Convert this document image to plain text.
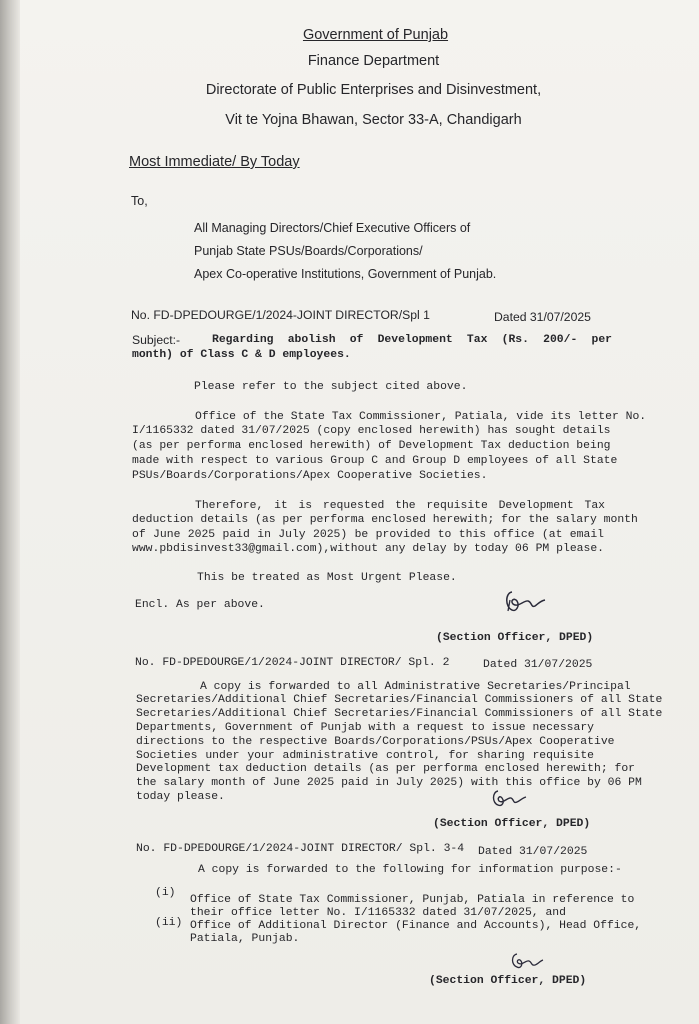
Government of Punjab
Finance Department
Directorate of Public Enterprises and Disinvestment,
Vit te Yojna Bhawan, Sector 33-A, Chandigarh
Most Immediate/ By Today
To,
All Managing Directors/Chief Executive Officers of
Punjab State PSUs/Boards/Corporations/
Apex Co-operative Institutions, Government of Punjab.
No. FD-DPEDOURGE/1/2024-JOINT DIRECTOR/Spl 1	Dated 31/07/2025
Subject:-	Regarding abolish of Development Tax (Rs. 200/- per
month) of Class C & D employees.
Please refer to the subject cited above.
Office of the State Tax Commissioner, Patiala, vide its letter No.
I/1165332 dated 31/07/2025 (copy enclosed herewith) has sought details
(as per performa enclosed herewith) of Development Tax deduction being
made with respect to various Group C and Group D employees of all State
PSUs/Boards/Corporations/Apex Cooperative Societies.
Therefore, it is requested the requisite Development Tax
deduction details (as per performa enclosed herewith; for the salary month
of June 2025 paid in July 2025) be provided to this office (at email
www.pbdisinvest33@gmail.com),without any delay by today 06 PM please.
This be treated as Most Urgent Please.
Encl. As per above.
(Section Officer, DPED)
No. FD-DPEDOURGE/1/2024-JOINT DIRECTOR/ Spl. 2	Dated 31/07/2025
A copy is forwarded to all Administrative Secretaries/Principal
Secretaries/Additional Chief Secretaries/Financial Commissioners of all State
Secretaries/Additional Chief Secretaries/Financial Commissioners of all State
Departments, Government of Punjab with a request to issue necessary
directions to the respective Boards/Corporations/PSUs/Apex Cooperative
Societies under your administrative control, for sharing requisite
Development tax deduction details (as per performa enclosed herewith; for
the salary month of June 2025 paid in July 2025) with this office by 06 PM
today please.
(Section Officer, DPED)
No. FD-DPEDOURGE/1/2024-JOINT DIRECTOR/ Spl. 3-4 Dated 31/07/2025
A copy is forwarded to the following for information purpose:-
(i)
Office of State Tax Commissioner, Punjab, Patiala in reference to
their office letter No. I/1165332 dated 31/07/2025, and
(ii) Office of Additional Director (Finance and Accounts), Head Office,
Patiala, Punjab.
(Section Officer, DPED)
